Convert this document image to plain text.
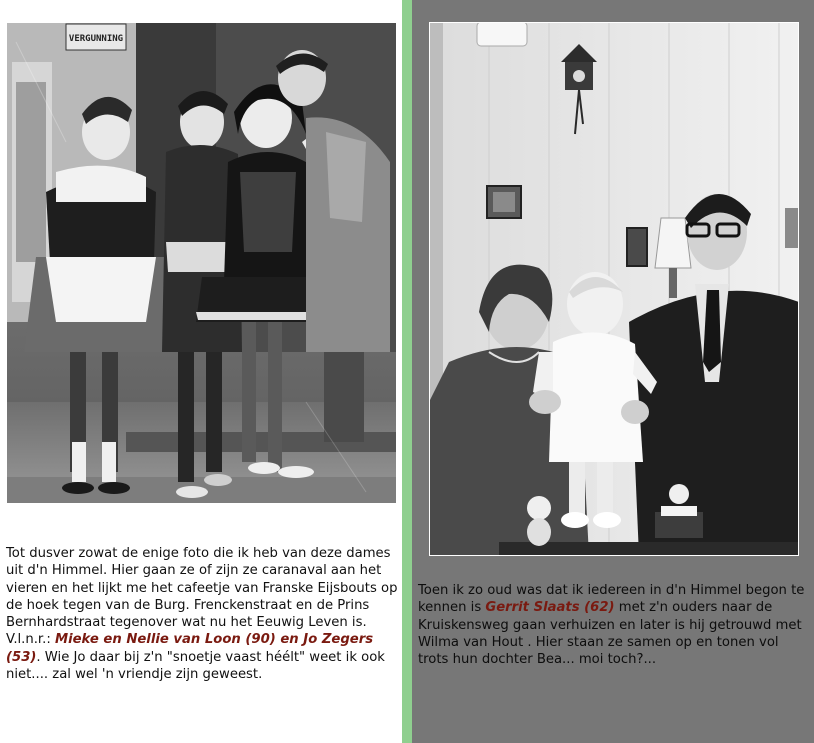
VERGUNNING
Tot dusver zowat de enige foto die ik heb van deze dames uit d'n Himmel. Hier gaan ze of zijn ze caranaval aan het vieren en het lijkt me het cafeetje van Franske Eijsbouts op de hoek tegen van de Burg. Frenckenstraat en de Prins Bernhardstraat tegenover wat nu het Eeuwig Leven is. V.l.n.r.: Mieke en Nellie van Loon (90) en Jo Zegers (53). Wie Jo daar bij z'n "snoetje vaast héélt" weet ik ook niet.... zal wel 'n vriendje zijn geweest.
Toen ik zo oud was dat ik iedereen in d'n Himmel begon te kennen is Gerrit Slaats (62) met z'n ouders naar de Kruiskensweg gaan verhuizen en later is hij getrouwd met Wilma van Hout . Hier staan ze samen op en tonen vol trots hun dochter Bea... moi toch?...
